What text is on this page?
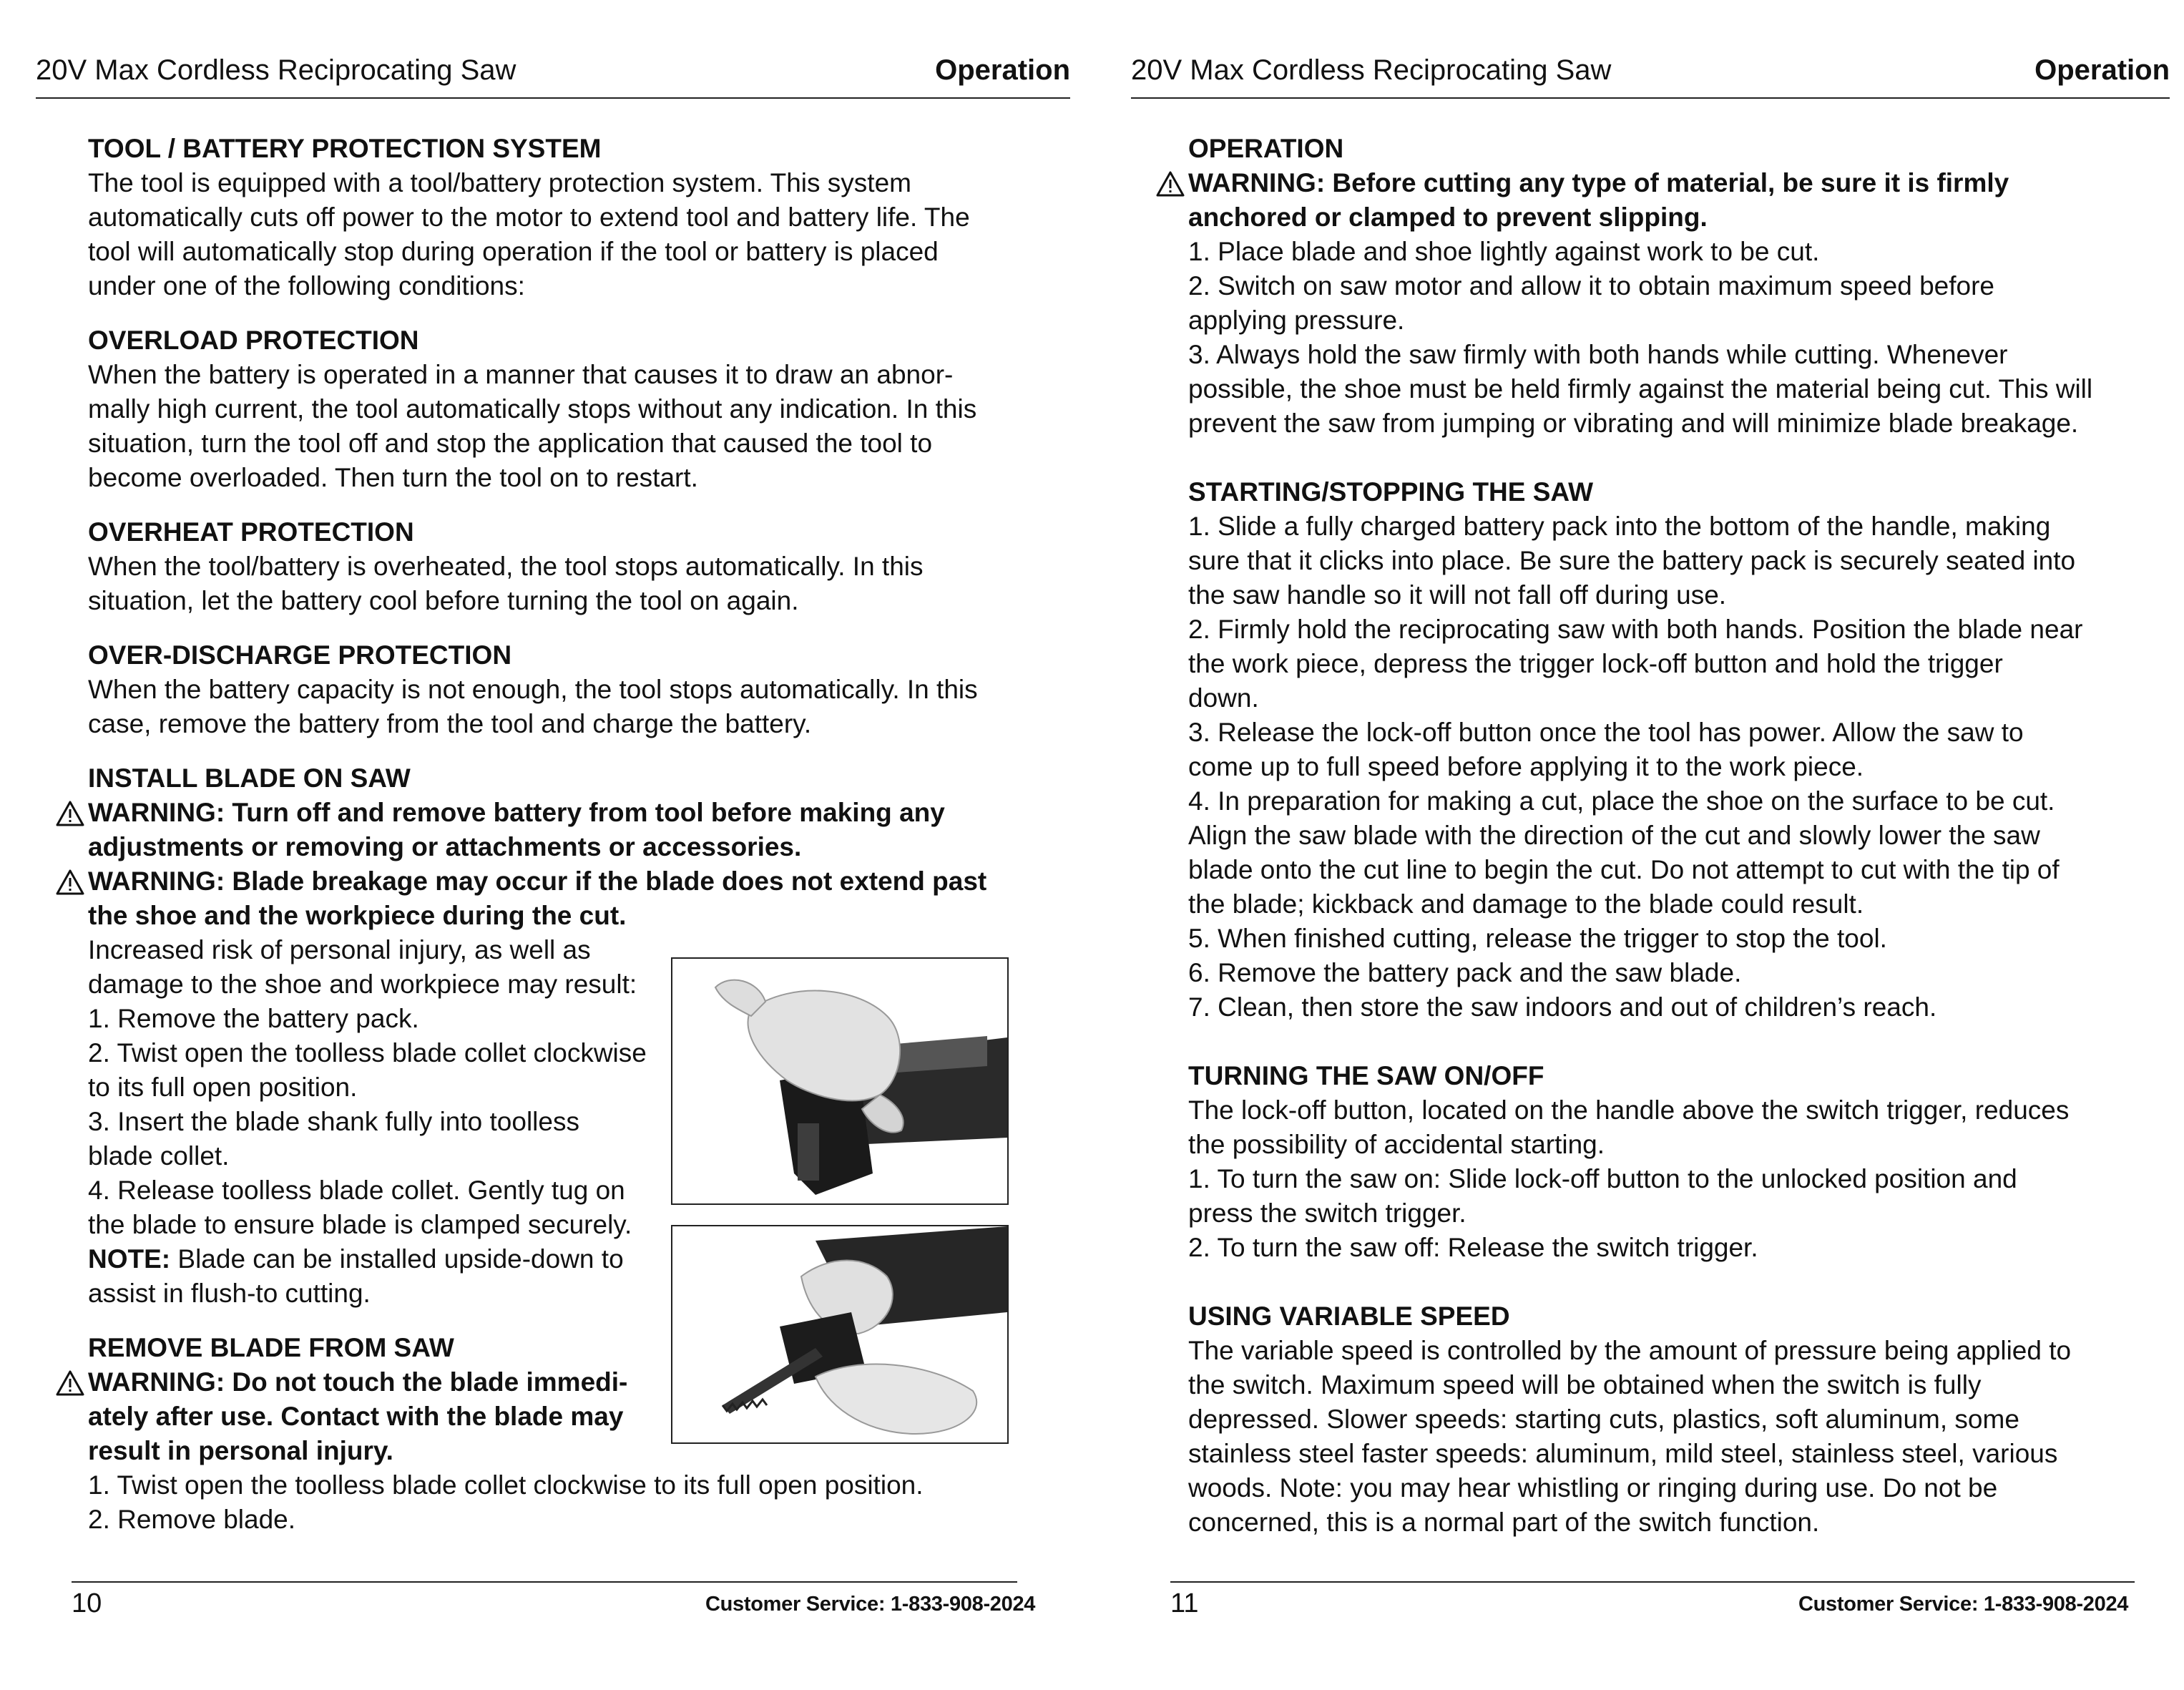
20V Max Cordless Reciprocating Saw	Operation
TOOL / BATTERY PROTECTION SYSTEM

The tool is equipped with a tool/battery protection system. This system

automatically cuts off power to the motor to extend tool and battery life. The

tool will automatically stop during operation if the tool or battery is placed

under one of the following conditions:

OVERLOAD PROTECTION

When the battery is operated in a manner that causes it to draw an abnor-

mally high current, the tool automatically stops without any indication. In this

situation, turn the tool off and stop the application that caused the tool to

become overloaded. Then turn the tool on to restart.

OVERHEAT PROTECTION

When the tool/battery is overheated, the tool stops automatically. In this

situation, let the battery cool before turning the tool on again.

OVER-DISCHARGE PROTECTION

When the battery capacity is not enough, the tool stops automatically. In this

case, remove the battery from the tool and charge the battery.

INSTALL BLADE ON SAW

WARNING: Turn off and remove battery from tool before making any

adjustments or removing or attachments or accessories.

WARNING: Blade breakage may occur if the blade does not extend past

the shoe and the workpiece during the cut.

Increased risk of personal injury, as well as

damage to the shoe and workpiece may result:

1. Remove the battery pack.

2. Twist open the toolless blade collet clockwise

to its full open position.

3. Insert the blade shank fully into toolless

blade collet.

4. Release toolless blade collet. Gently tug on

the blade to ensure blade is clamped securely.

NOTE: Blade can be installed upside-down to

assist in flush-to cutting.

REMOVE BLADE FROM SAW

WARNING: Do not touch the blade immedi-

ately after use. Contact with the blade may

result in personal injury.

1. Twist open the toolless blade collet clockwise to its full open position.

2. Remove blade.

10	Customer Service: 1-833-908-2024
20V Max Cordless Reciprocating Saw	Operation
OPERATION

WARNING: Before cutting any type of material, be sure it is firmly

anchored or clamped to prevent slipping.

1. Place blade and shoe lightly against work to be cut.

2. Switch on saw motor and allow it to obtain maximum speed before

applying pressure.

3. Always hold the saw firmly with both hands while cutting. Whenever

possible, the shoe must be held firmly against the material being cut. This will

prevent the saw from jumping or vibrating and will minimize blade breakage.

STARTING/STOPPING THE SAW

1. Slide a fully charged battery pack into the bottom of the handle, making

sure that it clicks into place. Be sure the battery pack is securely seated into

the saw handle so it will not fall off during use.

2. Firmly hold the reciprocating saw with both hands. Position the blade near

the work piece, depress the trigger lock-off button and hold the trigger

down.

3. Release the lock-off button once the tool has power. Allow the saw to

come up to full speed before applying it to the work piece.

4. In preparation for making a cut, place the shoe on the surface to be cut.

Align the saw blade with the direction of the cut and slowly lower the saw

blade onto the cut line to begin the cut. Do not attempt to cut with the tip of

the blade; kickback and damage to the blade could result.

5. When finished cutting, release the trigger to stop the tool.

6. Remove the battery pack and the saw blade.

7. Clean, then store the saw indoors and out of children’s reach.

TURNING THE SAW ON/OFF

The lock-off button, located on the handle above the switch trigger, reduces

the possibility of accidental starting.

1. To turn the saw on: Slide lock-off button to the unlocked position and

press the switch trigger.

2. To turn the saw off: Release the switch trigger.

USING VARIABLE SPEED

The variable speed is controlled by the amount of pressure being applied to

the switch. Maximum speed will be obtained when the switch is fully

depressed. Slower speeds: starting cuts, plastics, soft aluminum, some

stainless steel faster speeds: aluminum, mild steel, stainless steel, various

woods. Note: you may hear whistling or ringing during use. Do not be

concerned, this is a normal part of the switch function.

11	Customer Service: 1-833-908-2024
